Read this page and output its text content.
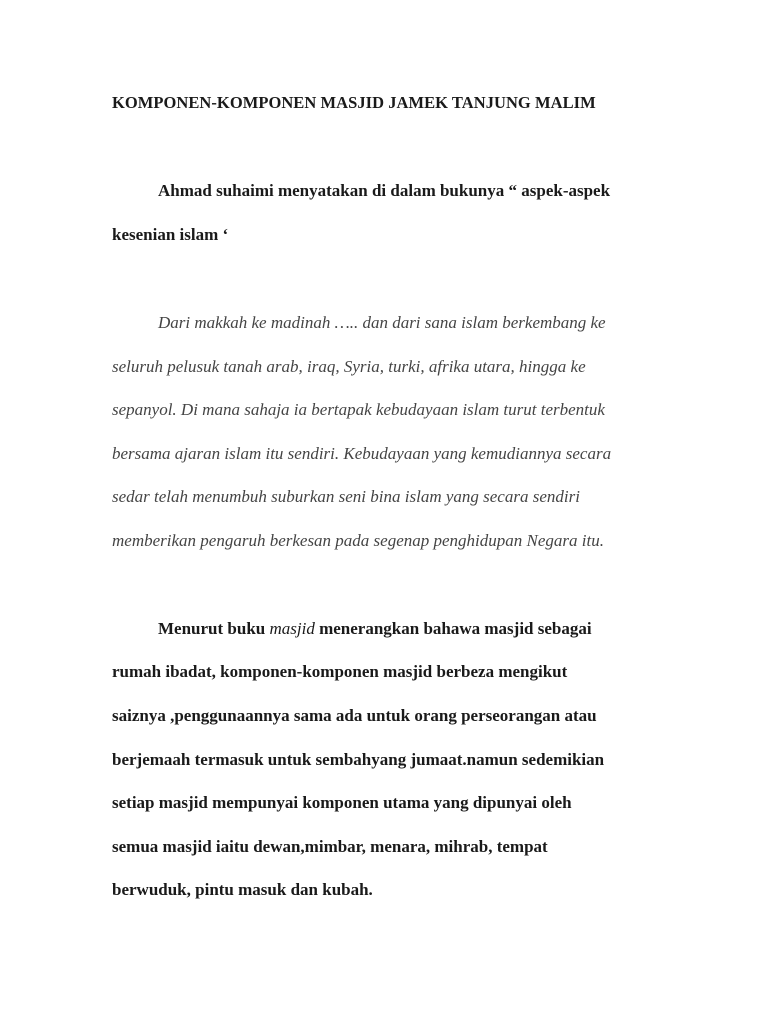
KOMPONEN-KOMPONEN MASJID JAMEK TANJUNG MALIM
Ahmad suhaimi menyatakan di dalam bukunya “ aspek-aspek
kesenian islam ‘
Dari makkah ke madinah ….. dan dari sana islam berkembang ke
seluruh pelusuk tanah arab, iraq, Syria, turki, afrika utara, hingga ke
sepanyol. Di mana sahaja ia bertapak kebudayaan islam turut terbentuk
bersama ajaran islam itu sendiri. Kebudayaan yang kemudiannya secara
sedar telah menumbuh suburkan seni bina islam yang secara sendiri
memberikan pengaruh berkesan pada segenap penghidupan Negara itu.
Menurut buku masjid menerangkan bahawa masjid sebagai
rumah ibadat, komponen-komponen masjid berbeza mengikut
saiznya ,penggunaannya sama ada untuk orang perseorangan atau
berjemaah termasuk untuk sembahyang jumaat.namun sedemikian
setiap masjid mempunyai komponen utama yang dipunyai oleh
semua masjid iaitu dewan,mimbar, menara, mihrab, tempat
berwuduk, pintu masuk dan kubah.
